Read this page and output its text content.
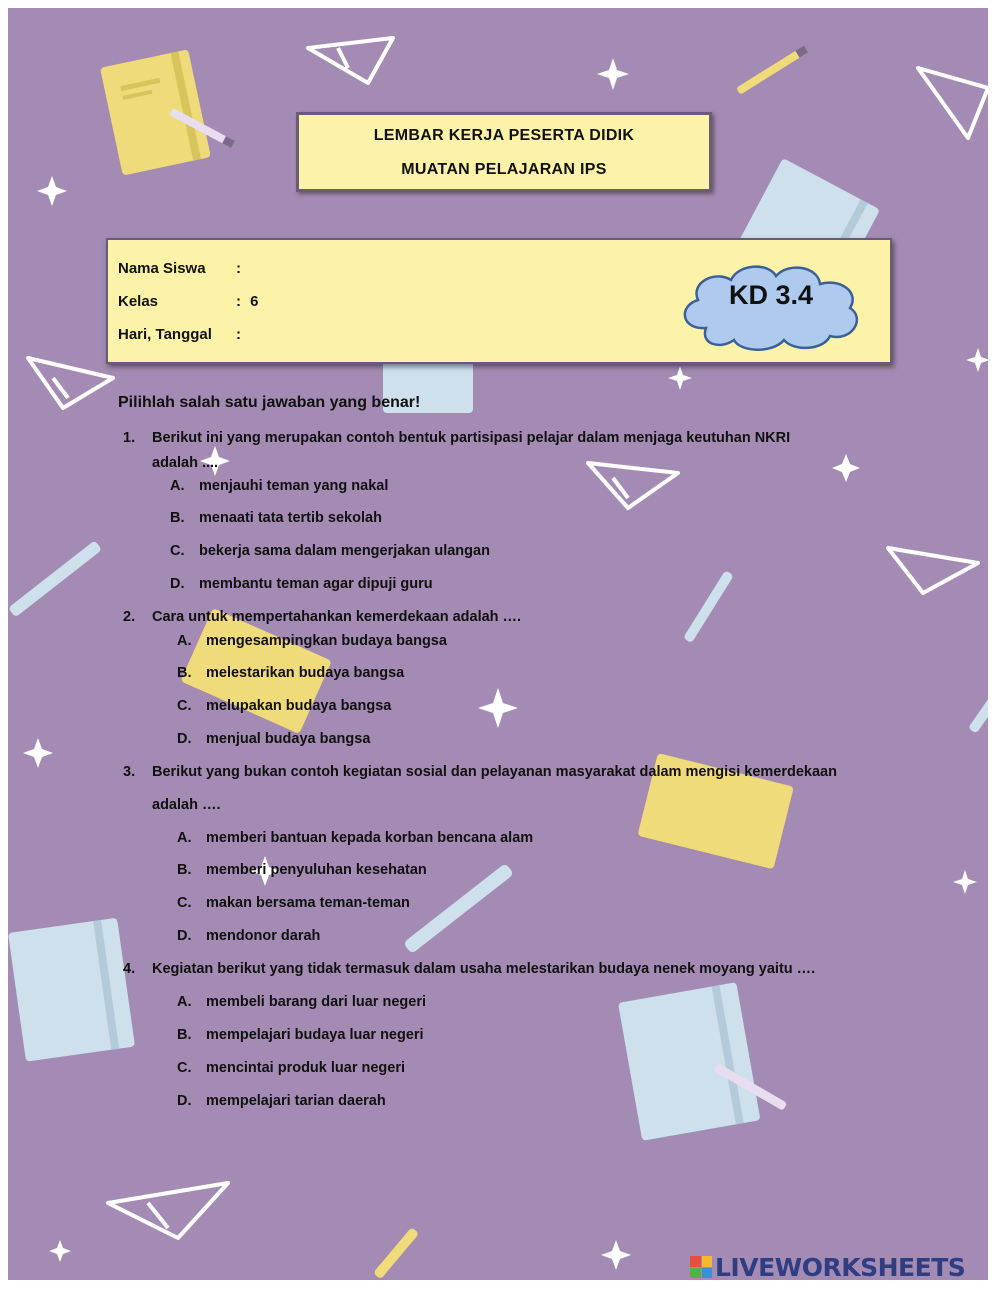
LEMBAR KERJA PESERTA DIDIK
MUATAN PELAJARAN IPS
Nama Siswa :
Kelas	: 6
Hari, Tanggal :
KD 3.4
Pilihlah salah satu jawaban yang benar!
1. Berikut ini yang merupakan contoh bentuk partisipasi pelajar dalam menjaga keutuhan NKRI
adalah ....
A. menjauhi teman yang nakal
B. menaati tata tertib sekolah
C. bekerja sama dalam mengerjakan ulangan
D. membantu teman agar dipuji guru
2. Cara untuk mempertahankan kemerdekaan adalah ….
A. mengesampingkan budaya bangsa
B. melestarikan budaya bangsa
C. melupakan budaya bangsa
D. menjual budaya bangsa
3. Berikut yang bukan contoh kegiatan sosial dan pelayanan masyarakat dalam mengisi kemerdekaan
adalah ….
A. memberi bantuan kepada korban bencana alam
B. memberi penyuluhan kesehatan
C. makan bersama teman-teman
D. mendonor darah
4. Kegiatan berikut yang tidak termasuk dalam usaha melestarikan budaya nenek moyang yaitu ….
A. membeli barang dari luar negeri
B. mempelajari budaya luar negeri
C. mencintai produk luar negeri
D. mempelajari tarian daerah
LIVEWORKSHEETS
